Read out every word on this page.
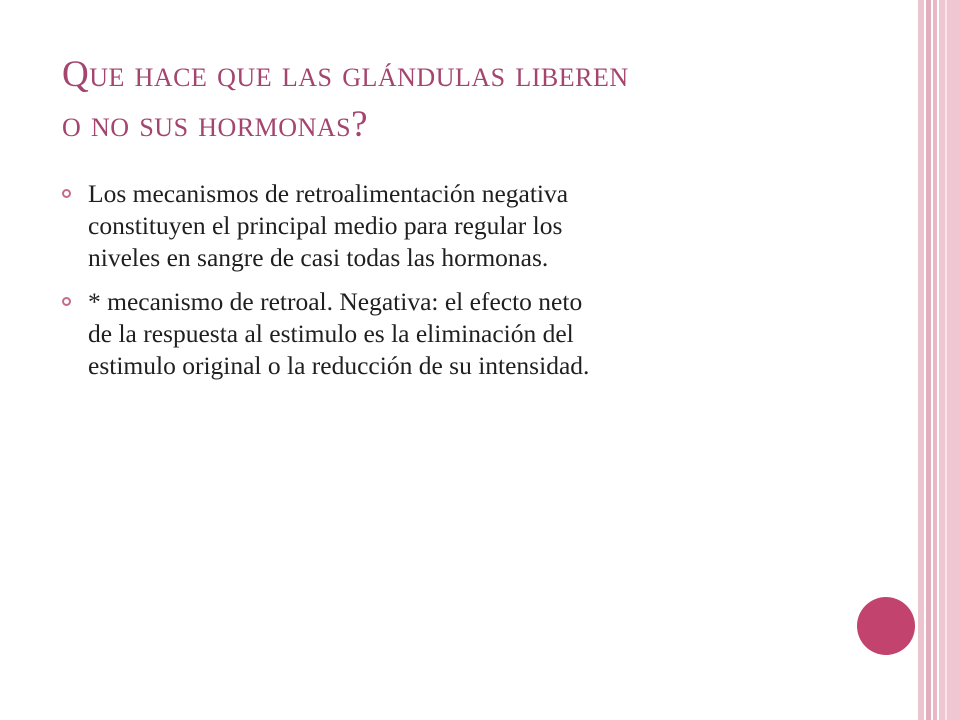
Que hace que las glándulas liberen
o no sus hormonas?
Los mecanismos de retroalimentación negativa
constituyen el principal medio para regular los
niveles en sangre de casi todas las hormonas.
* mecanismo de retroal. Negativa: el efecto neto
de la respuesta al estimulo es la eliminación del
estimulo original o la reducción de su intensidad.
